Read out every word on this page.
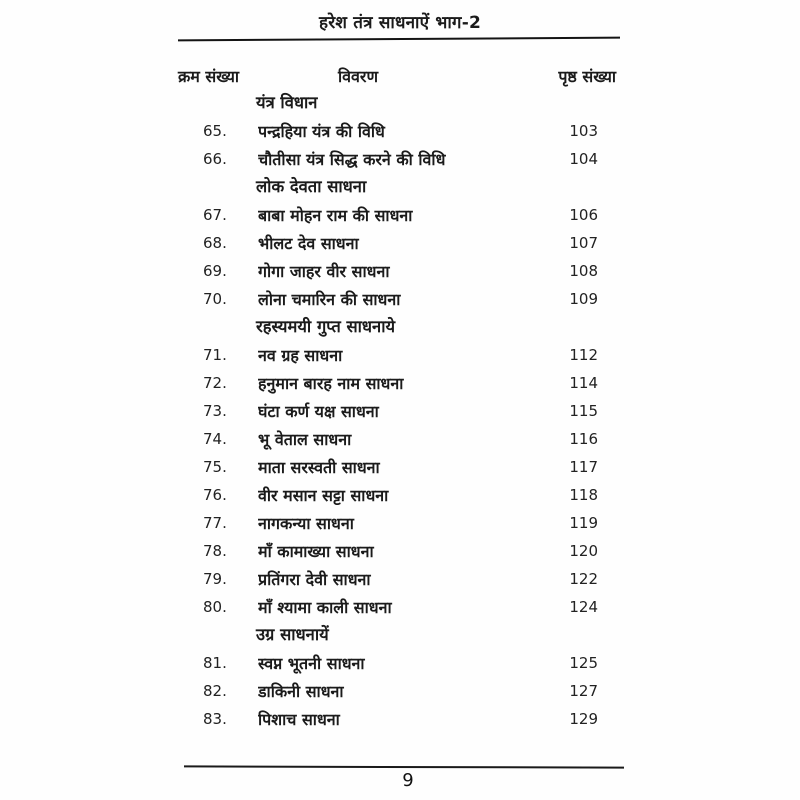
हरेश तंत्र साधनाऐं भाग-2
क्रम संख्या	विवरण	पृष्ठ संख्या
यंत्र विधान
65.	पन्द्रहिया यंत्र की विधि	103
66.	चौतीसा यंत्र सिद्ध करने की विधि	104
लोक देवता साधना
67.	बाबा मोहन राम की साधना	106
68.	भीलट देव साधना	107
69.	गोगा जाहर वीर साधना	108
70.	लोना चमारिन की साधना	109
रहस्यमयी गुप्त साधनाये
71.	नव ग्रह साधना	112
72.	हनुमान बारह नाम साधना	114
73.	घंटा कर्ण यक्ष साधना	115
74.	भू वेताल साधना	116
75.	माता सरस्वती साधना	117
76.	वीर मसान सट्टा साधना	118
77.	नागकन्या साधना	119
78.	माँ कामाख्या साधना	120
79.	प्रतिंगरा देवी साधना	122
80.	माँ श्यामा काली साधना	124
उग्र साधनायें
81.	स्वप्न भूतनी साधना	125
82.	डाकिनी साधना	127
83.	पिशाच साधना	129
9
